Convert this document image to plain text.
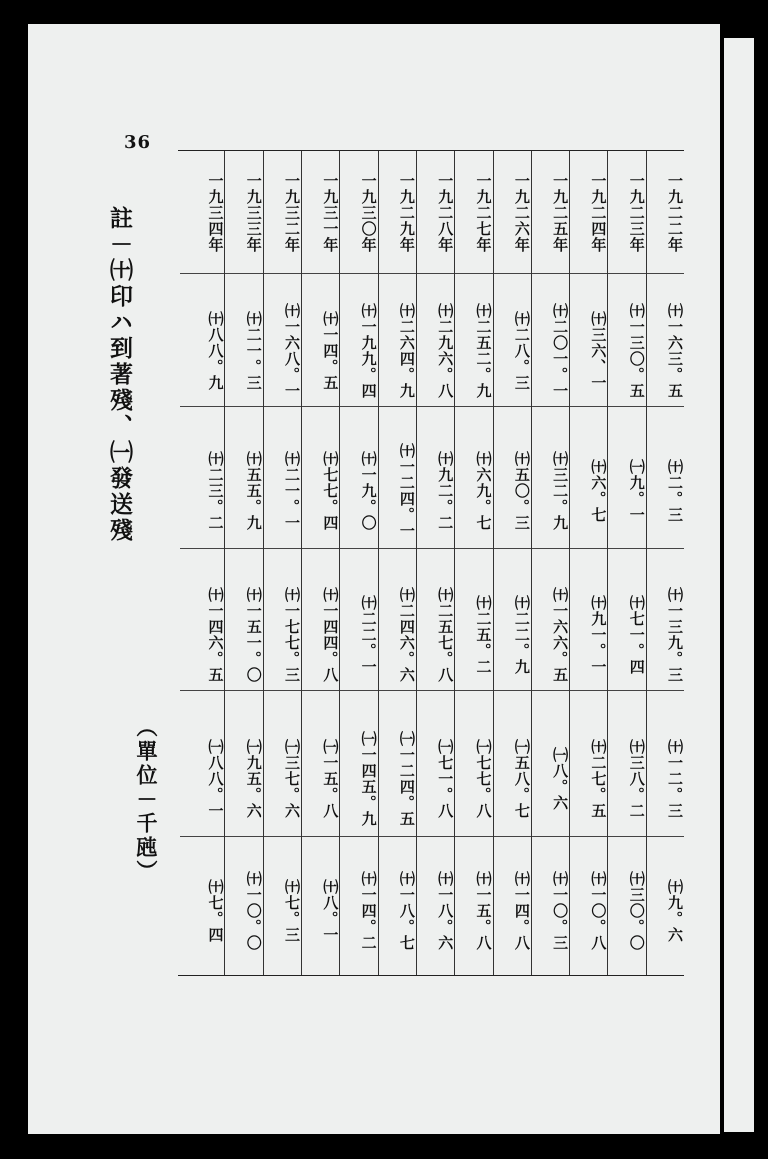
36
註－㈩印ハ到著殘、㈠發送殘
（單位－千瓲）
一九二二年
㈩一六三。五
㈩二。三
㈩一三九。三
㈩一二。三
㈩九。六
一九二三年
㈩一三〇。五
㈠九。一
㈩七一。四
㈩三八。二
㈩三〇。〇
一九二四年
㈩三六、一
㈩六。七
㈩九一。一
㈩二七。五
㈩一〇。八
一九二五年
㈩二〇一。一
㈩三二。九
㈩一六六。五
㈠八。六
㈩一〇。三
一九二六年
㈩二八。三
㈩五〇。三
㈩二二。九
㈠五八。七
㈩一四。八
一九二七年
㈩二五二。九
㈩六九。七
㈩二五。二
㈠七七。八
㈩一五。八
一九二八年
㈩二九六。八
㈩九二。二
㈩二五七。八
㈠七一。八
㈩一八。六
一九二九年
㈩二六四。九
㈩一二四。一
㈩二四六。六
㈠一二四。五
㈩一八。七
一九三〇年
㈩一九九。四
㈩一九。〇
㈩二二。一
㈠一四五。九
㈩一四。二
一九三一年
㈩一四。五
㈩七七。四
㈩一四四。八
㈠一五。八
㈩八。一
一九三二年
㈩一六八。一
㈩二一。一
㈩一七七。三
㈠三七。六
㈩七。三
一九三三年
㈩二一。三
㈩五五。九
㈩一五一。〇
㈠九五。六
㈩一〇。〇
一九三四年
㈩八八。九
㈩二三。二
㈩一四六。五
㈠八八。一
㈩七。四
